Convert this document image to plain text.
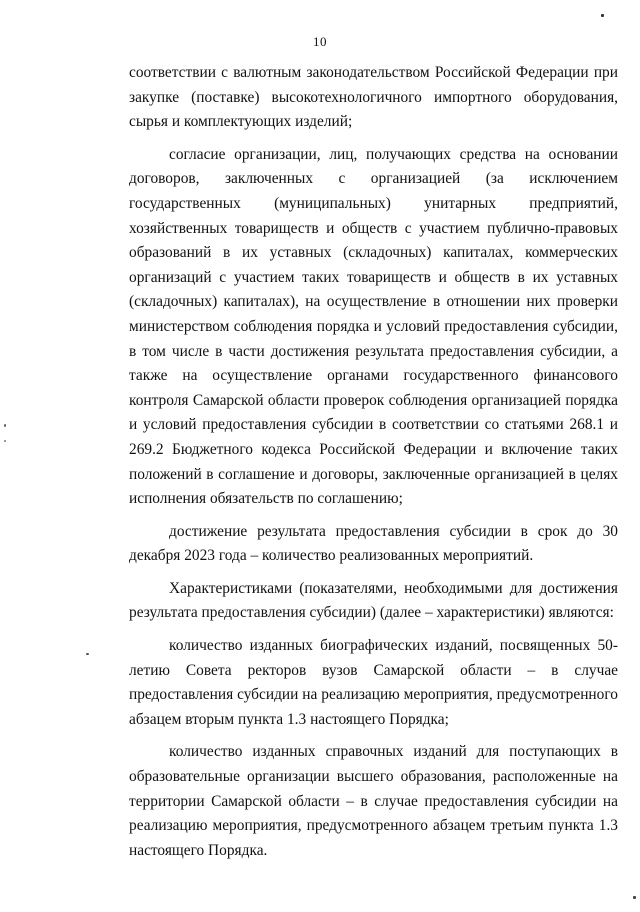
10

соответствии с валютным законодательством Российской Федерации при закупке (поставке) высокотехнологичного импортного оборудования, сырья и комплектующих изделий;

согласие организации, лиц, получающих средства на основании договоров, заключенных с организацией (за исключением государственных (муниципальных) унитарных предприятий, хозяйственных товариществ и обществ с участием публично-правовых образований в их уставных (складочных) капиталах, коммерческих организаций с участием таких товариществ и обществ в их уставных (складочных) капиталах), на осуществление в отношении них проверки министерством соблюдения порядка и условий предоставления субсидии, в том числе в части достижения результата предоставления субсидии, а также на осуществление органами государственного финансового контроля Самарской области проверок соблюдения организацией порядка и условий предоставления субсидии в соответствии со статьями 268.1 и 269.2 Бюджетного кодекса Российской Федерации и включение таких положений в соглашение и договоры, заключенные организацией в целях исполнения обязательств по соглашению;

достижение результата предоставления субсидии в срок до 30 декабря 2023 года – количество реализованных мероприятий.

Характеристиками (показателями, необходимыми для достижения результата предоставления субсидии) (далее – характеристики) являются:

количество изданных биографических изданий, посвященных 50-летию Совета ректоров вузов Самарской области – в случае предоставления субсидии на реализацию мероприятия, предусмотренного абзацем вторым пункта 1.3 настоящего Порядка;

количество изданных справочных изданий для поступающих в образовательные организации высшего образования, расположенные на территории Самарской области – в случае предоставления субсидии на реализацию мероприятия, предусмотренного абзацем третьим пункта 1.3 настоящего Порядка.
